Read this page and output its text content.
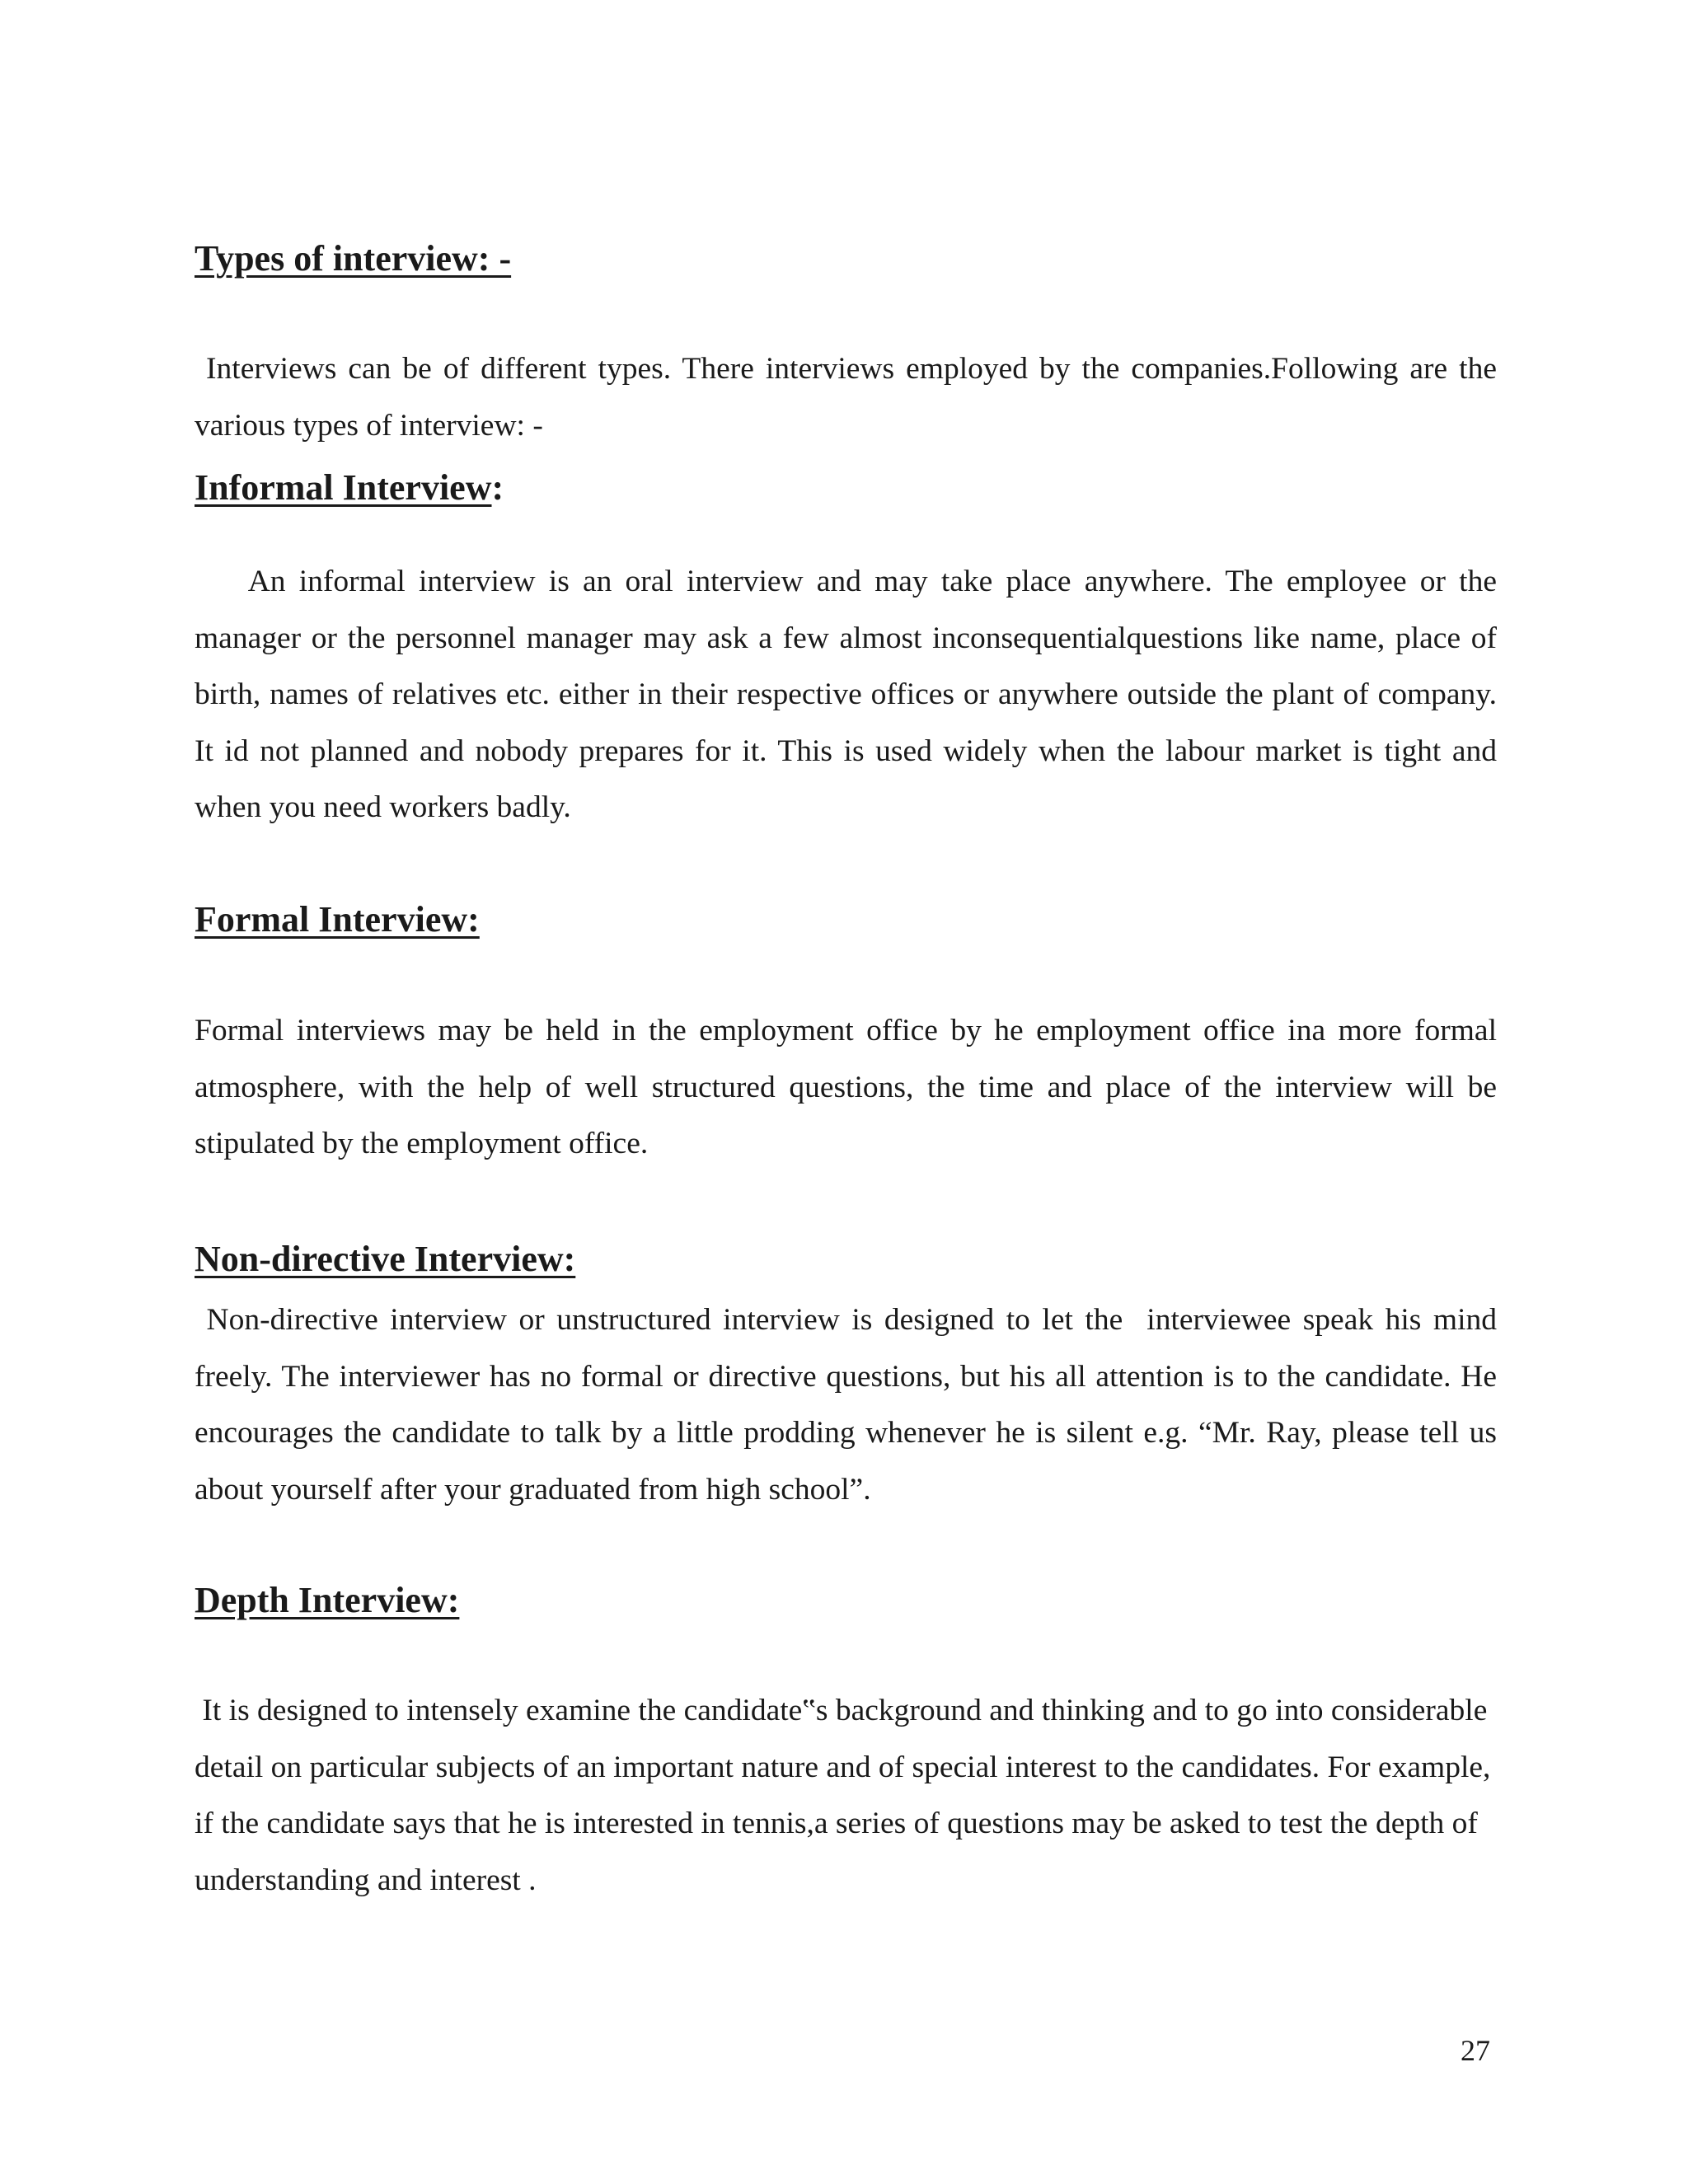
Types of interview: -

Interviews can be of different types. There interviews employed by the companies.Following are the various types of interview: -

Informal Interview:

An informal interview is an oral interview and may take place anywhere. The employee or the manager or the personnel manager may ask a few almost inconsequentialquestions like name, place of birth, names of relatives etc. either in their respective offices or anywhere outside the plant of company. It id not planned and nobody prepares for it. This is used widely when the labour market is tight and when you need workers badly.

Formal Interview:

Formal interviews may be held in the employment office by he employment office ina more formal atmosphere, with the help of well structured questions, the time and place of the interview will be stipulated by the employment office.

Non-directive Interview:

Non-directive interview or unstructured interview is designed to let the  interviewee speak his mind freely. The interviewer has no formal or directive questions, but his all attention is to the candidate. He encourages the candidate to talk by a little prodding whenever he is silent e.g. “Mr. Ray, please tell us about yourself after your graduated from high school”.

Depth Interview:

It is designed to intensely examine the candidate‟s background and thinking and to go into considerable detail on particular subjects of an important nature and of special interest to the candidates. For example, if the candidate says that he is interested in tennis,a series of questions may be asked to test the depth of understanding and interest .

27
